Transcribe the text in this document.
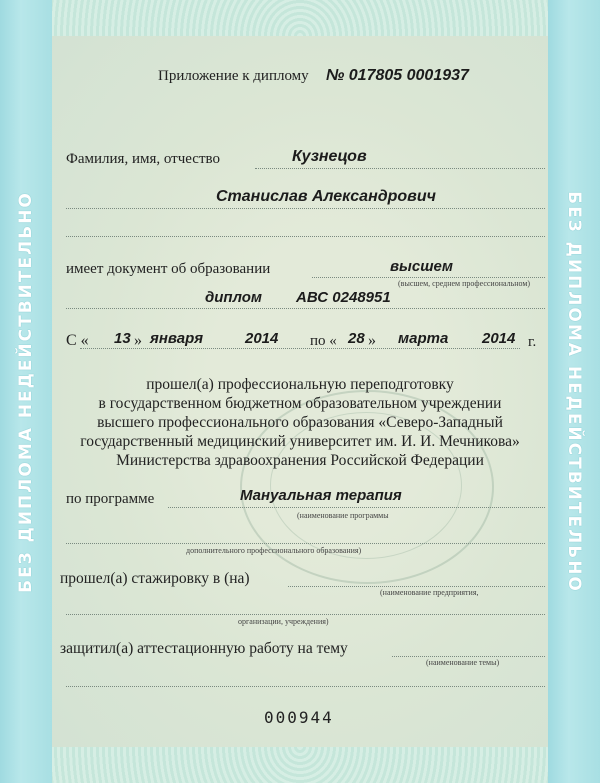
БЕЗ ДИПЛОМА НЕДЕЙСТВИТЕЛЬНО	БЕЗ ДИПЛОМА НЕДЕЙСТВИТЕЛЬНО
Приложение к диплому № 017805 0001937
Фамилия, имя, отчество	Кузнецов
Станислав Александрович
имеет документ об образовании	высшем
(высшем, среднем профессиональном)
диплом АВС 0248951
С « 13 » января	2014 по « 28 » марта 2014 г.
прошел(а) профессиональную переподготовку
в государственном бюджетном образовательном учреждении
высшего профессионального образования «Северо-Западный
государственный медицинский университет им. И. И. Мечникова»
Министерства здравоохранения Российской Федерации
по программе	Мануальная терапия
(наименование программы
дополнительного профессионального образования)
прошел(а) стажировку в (на)
(наименование предприятия,
организации, учреждения)
защитил(а) аттестационную работу на тему
(наименование темы)
000944
